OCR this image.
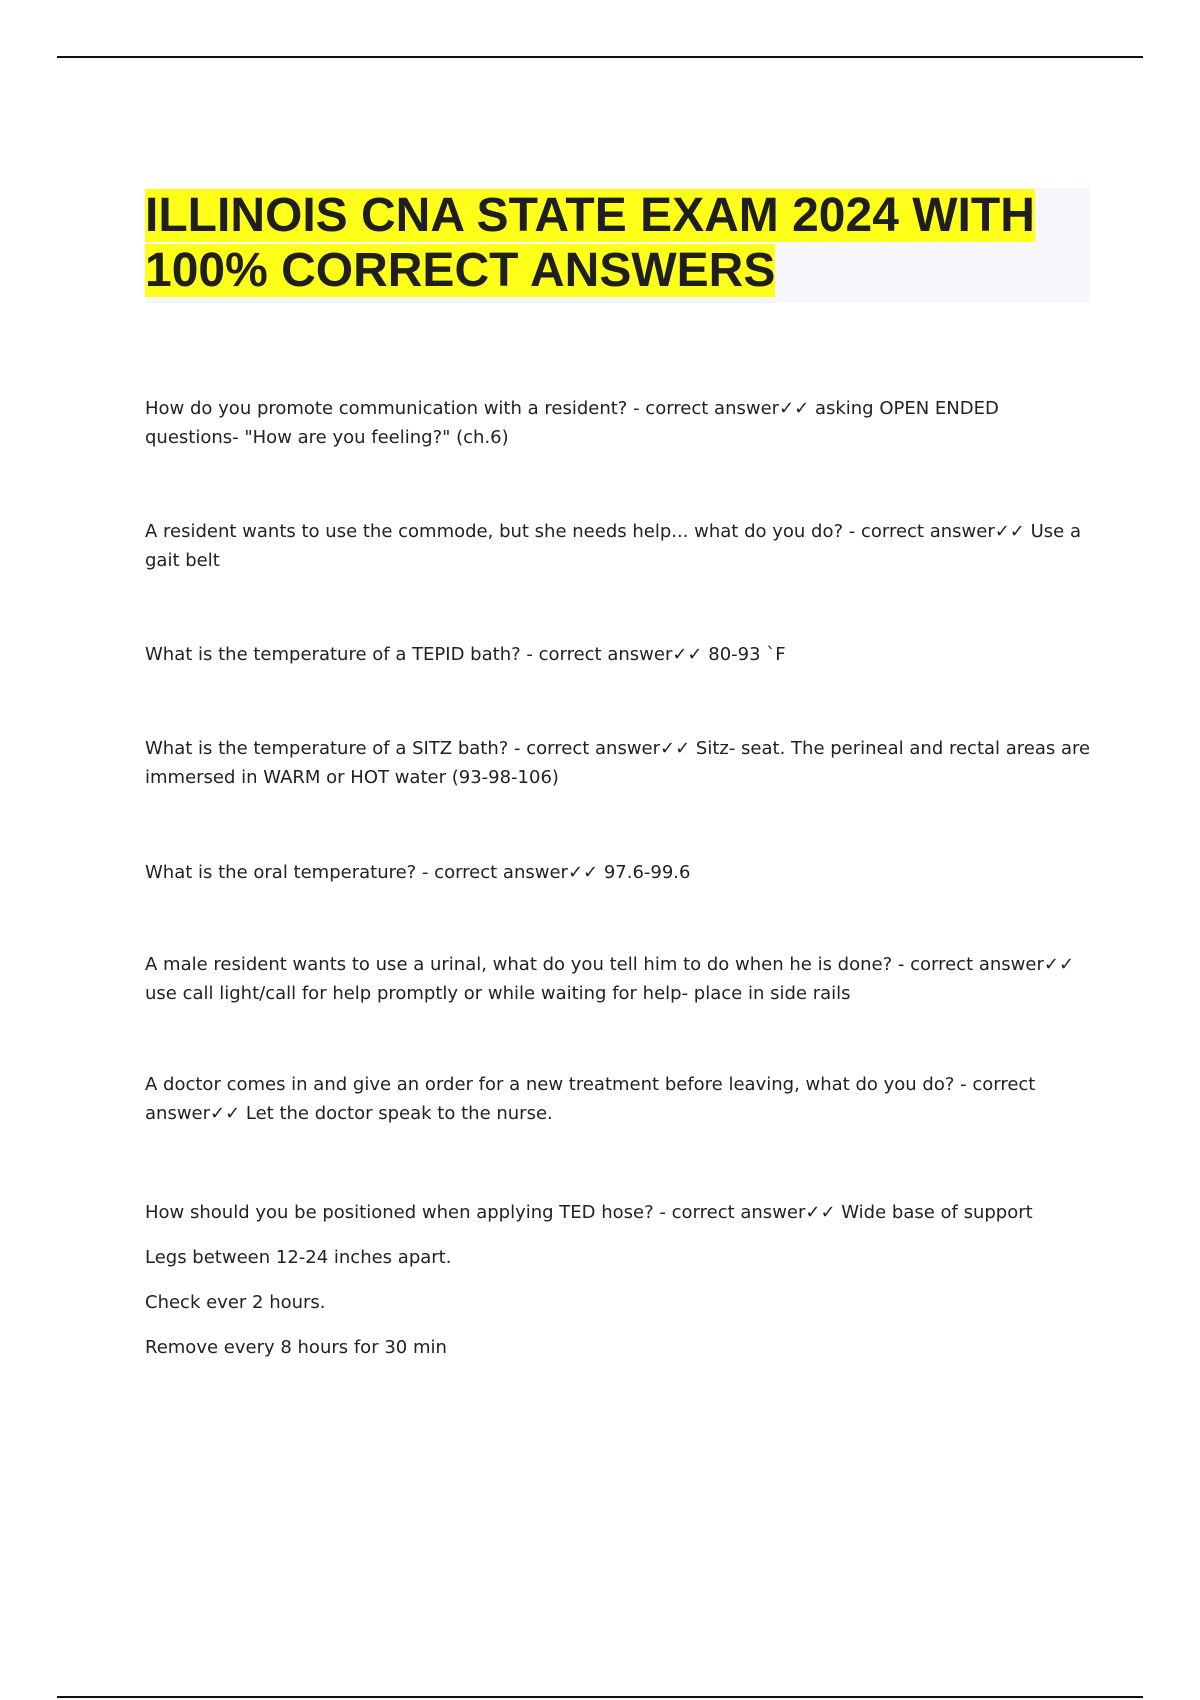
ILLINOIS CNA STATE EXAM 2024 WITH
100% CORRECT ANSWERS

How do you promote communication with a resident? - correct answer✓✓ asking OPEN ENDED questions- "How are you feeling?" (ch.6)

A resident wants to use the commode, but she needs help... what do you do? - correct answer✓✓ Use a gait belt

What is the temperature of a TEPID bath? - correct answer✓✓ 80-93 `F

What is the temperature of a SITZ bath? - correct answer✓✓ Sitz- seat. The perineal and rectal areas are immersed in WARM or HOT water (93-98-106)

What is the oral temperature? - correct answer✓✓ 97.6-99.6

A male resident wants to use a urinal, what do you tell him to do when he is done? - correct answer✓✓ use call light/call for help promptly or while waiting for help- place in side rails

A doctor comes in and give an order for a new treatment before leaving, what do you do? - correct answer✓✓ Let the doctor speak to the nurse.

How should you be positioned when applying TED hose? - correct answer✓✓ Wide base of support

Legs between 12-24 inches apart.

Check ever 2 hours.

Remove every 8 hours for 30 min
